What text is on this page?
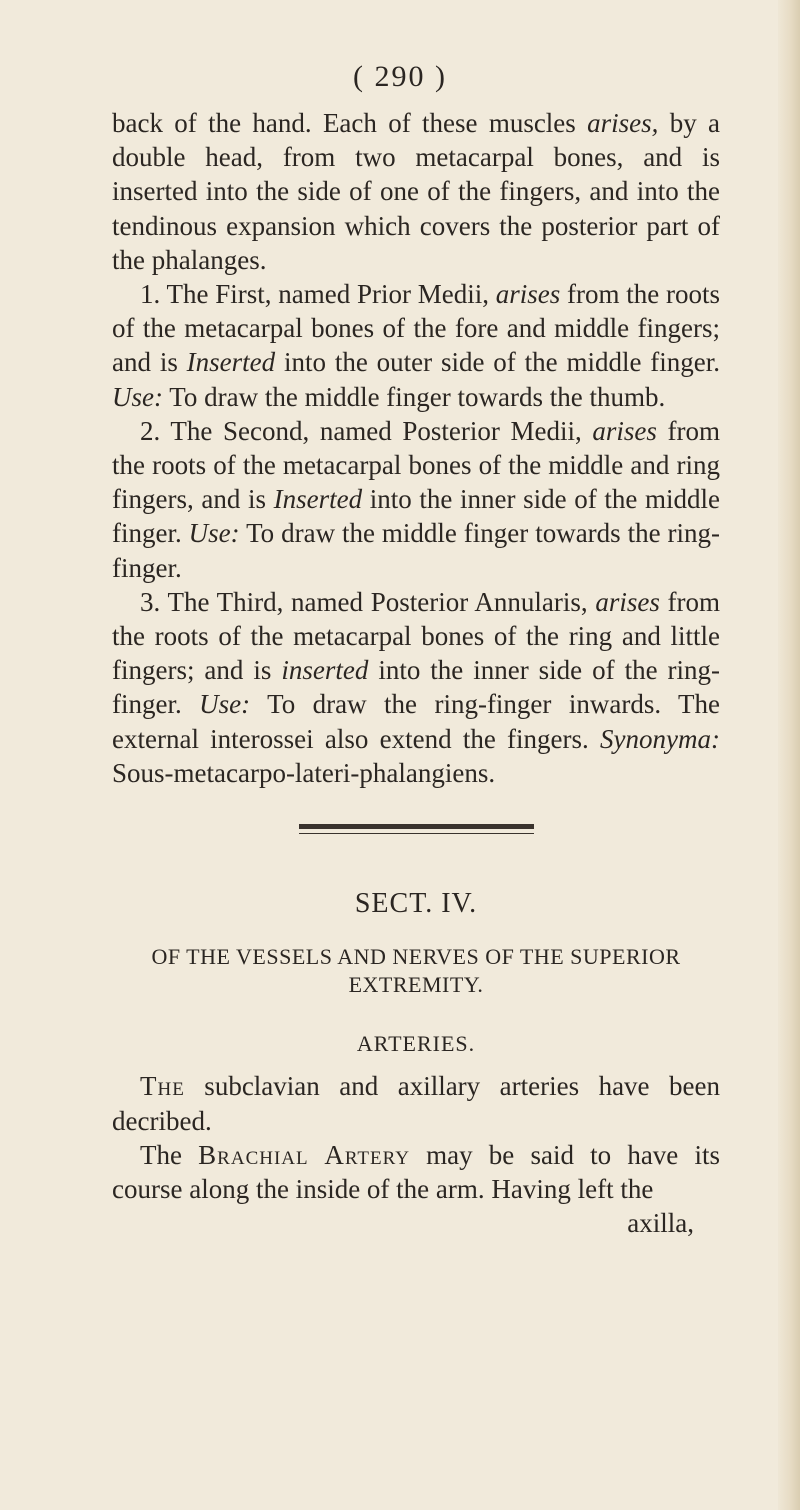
( 290 )

back of the hand. Each of these muscles arises, by a double head, from two metacarpal bones, and is inserted into the side of one of the fingers, and into the tendinous expansion which covers the posterior part of the phalanges.

1. The First, named Prior Medii, arises from the roots of the metacarpal bones of the fore and middle fingers; and is Inserted into the outer side of the middle finger. Use: To draw the middle finger towards the thumb.

2. The Second, named Posterior Medii, arises from the roots of the metacarpal bones of the middle and ring fingers, and is Inserted into the inner side of the middle finger. Use: To draw the middle finger towards the ring-finger.

3. The Third, named Posterior Annularis, arises from the roots of the metacarpal bones of the ring and little fingers; and is inserted into the inner side of the ring-finger. Use: To draw the ring-finger inwards. The external interossei also extend the fingers. Synonyma: Sous-metacarpo-lateri-phalangiens.

SECT. IV.
OF THE VESSELS AND NERVES OF THE SUPERIOR
EXTREMITY.
ARTERIES.

The subclavian and axillary arteries have been decribed.

The Brachial Artery may be said to have its course along the inside of the arm. Having left the

axilla,
